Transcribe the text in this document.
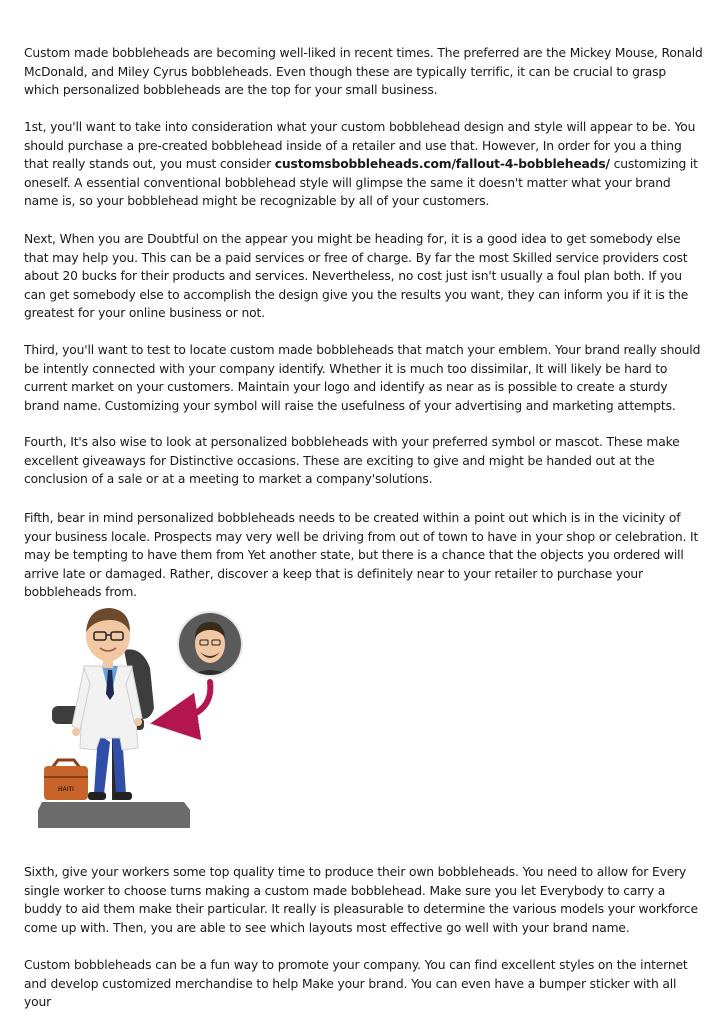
Custom made bobbleheads are becoming well-liked in recent times. The preferred are the Mickey Mouse, Ronald McDonald, and Miley Cyrus bobbleheads. Even though these are typically terrific, it can be crucial to grasp which personalized bobbleheads are the top for your small business.

1st, you'll want to take into consideration what your custom bobblehead design and style will appear to be. You should purchase a pre-created bobblehead inside of a retailer and use that. However, In order for you a thing that really stands out, you must consider customsbobbleheads.com/fallout-4-bobbleheads/ customizing it oneself. A essential conventional bobblehead style will glimpse the same it doesn't matter what your brand name is, so your bobblehead might be recognizable by all of your customers.

Next, When you are Doubtful on the appear you might be heading for, it is a good idea to get somebody else that may help you. This can be a paid services or free of charge. By far the most Skilled service providers cost about 20 bucks for their products and services. Nevertheless, no cost just isn't usually a foul plan both. If you can get somebody else to accomplish the design give you the results you want, they can inform you if it is the greatest for your online business or not.

Third, you'll want to test to locate custom made bobbleheads that match your emblem. Your brand really should be intently connected with your company identify. Whether it is much too dissimilar, It will likely be hard to current market on your customers. Maintain your logo and identify as near as is possible to create a sturdy brand name. Customizing your symbol will raise the usefulness of your advertising and marketing attempts.

Fourth, It's also wise to look at personalized bobbleheads with your preferred symbol or mascot. These make excellent giveaways for Distinctive occasions. These are exciting to give and might be handed out at the conclusion of a sale or at a meeting to market a company'solutions.

Fifth, bear in mind personalized bobbleheads needs to be created within a point out which is in the vicinity of your business locale. Prospects may very well be driving from out of town to have in your shop or celebration. It may be tempting to have them from Yet another state, but there is a chance that the objects you ordered will arrive late or damaged. Rather, discover a keep that is definitely near to your retailer to purchase your bobbleheads from.

HAITI

Sixth, give your workers some top quality time to produce their own bobbleheads. You need to allow for Every single worker to choose turns making a custom made bobblehead. Make sure you let Everybody to carry a buddy to aid them make their particular. It really is pleasurable to determine the various models your workforce come up with. Then, you are able to see which layouts most effective go well with your brand name.

Custom bobbleheads can be a fun way to promote your company. You can find excellent styles on the internet and develop customized merchandise to help Make your brand. You can even have a bumper sticker with all your
